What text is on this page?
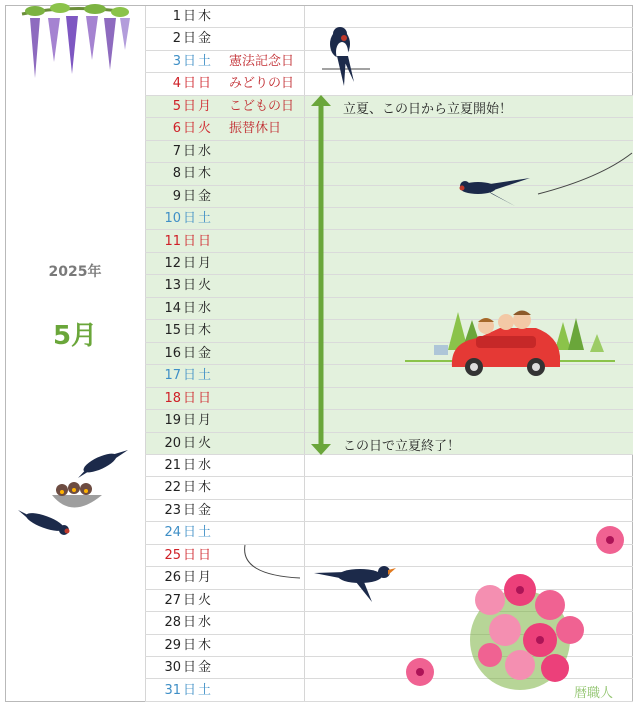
2025年
5月
1 日 木
2 日 金
3 日 土 憲法記念日
4 日 日 みどりの日
5 日 月 こどもの日
6 日 火 振替休日
7 日 水
8 日 木
9 日 金
10 日 土
11 日 日
12 日 月
13 日 火
14 日 水
15 日 木
16 日 金
17 日 土
18 日 日
19 日 月
20 日 火
21 日 水
22 日 木
23 日 金
24 日 土
25 日 日
26 日 月
27 日 火
28 日 水
29 日 木
30 日 金
31 日 土
立夏、この日から立夏開始！
この日で立夏終了！
暦職人
